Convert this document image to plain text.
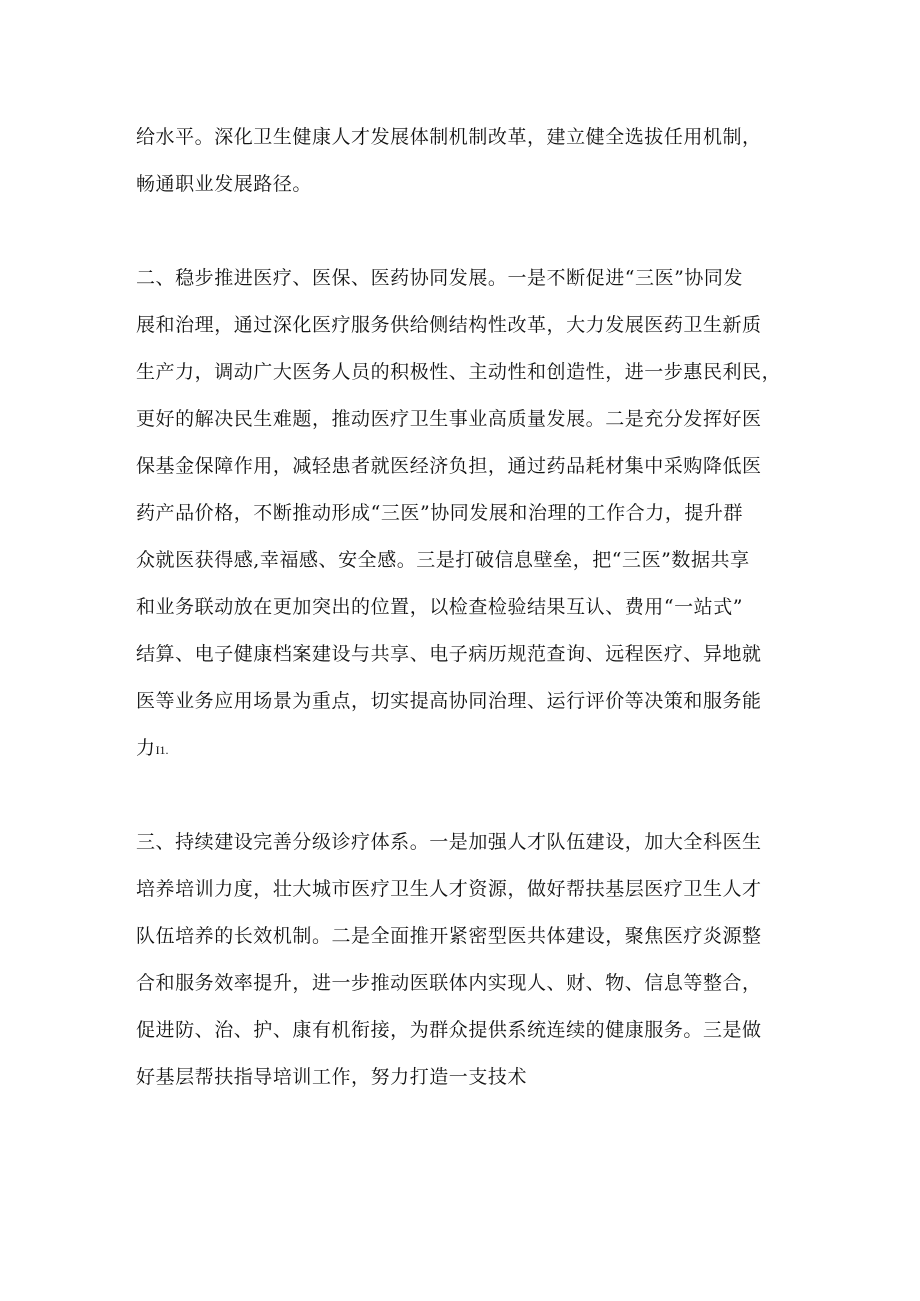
给水平。深化卫生健康人才发展体制机制改革，建立健全选拔任用机制，
畅通职业发展路径。
二、稳步推进医疗、医保、医药协同发展。一是不断促进“三医”协同发
展和治理，通过深化医疗服务供给侧结构性改革，大力发展医药卫生新质
生产力，调动广大医务人员的积极性、主动性和创造性，进一步惠民利民，
更好的解决民生难题，推动医疗卫生事业高质量发展。二是充分发挥好医
保基金保障作用，减轻患者就医经济负担，通过药品耗材集中采购降低医
药产品价格，不断推动形成“三医”协同发展和治理的工作合力，提升群
众就医获得感,幸福感、安全感。三是打破信息壁垒，把“三医”数据共享
和业务联动放在更加突出的位置，以检查检验结果互认、费用“一站式”
结算、电子健康档案建设与共享、电子病历规范查询、远程医疗、异地就
医等业务应用场景为重点，切实提高协同治理、运行评价等决策和服务能
力I1.
三、持续建设完善分级诊疗体系。一是加强人才队伍建设，加大全科医生
培养培训力度，壮大城市医疗卫生人才资源，做好帮扶基层医疗卫生人才
队伍培养的长效机制。二是全面推开紧密型医共体建设，聚焦医疗炎源整
合和服务效率提升，进一步推动医联体内实现人、财、物、信息等整合，
促进防、治、护、康有机衔接，为群众提供系统连续的健康服务。三是做
好基层帮扶指导培训工作，努力打造一支技术
